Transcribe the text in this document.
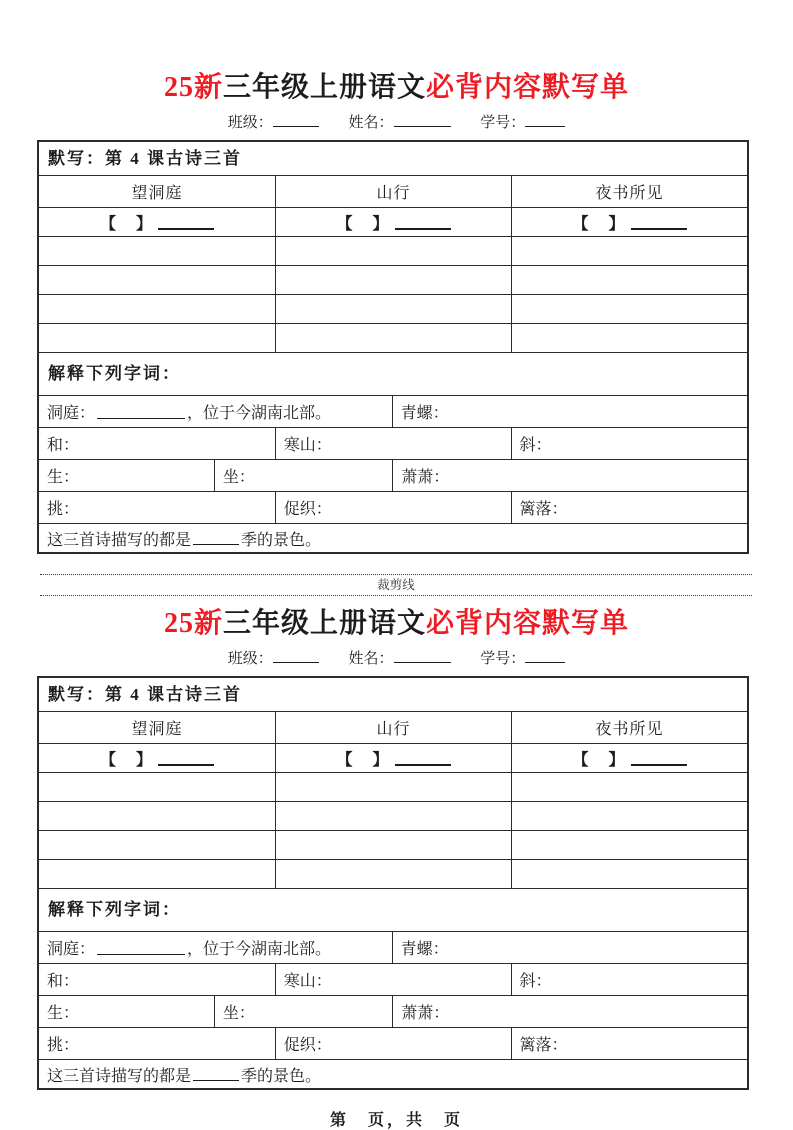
25新三年级上册语文必背内容默写单
班级：	姓名：	学号：
默写：第 4 课古诗三首
望洞庭	山行	夜书所见
【　】	【　】	【　】
解释下列字词：
洞庭：	，位于今湖南北部。	青螺：
和：	寒山：	斜：
生：	坐：	萧萧：
挑：	促织：	篱落：
这三首诗描写的都是	季的景色。
裁剪线
25新三年级上册语文必背内容默写单
班级：	姓名：	学号：
默写：第 4 课古诗三首
望洞庭	山行	夜书所见
【　】	【　】	【　】
解释下列字词：
洞庭：	，位于今湖南北部。	青螺：
和：	寒山：	斜：
生：	坐：	萧萧：
挑：	促织：	篱落：
这三首诗描写的都是	季的景色。
第　页，共　页
